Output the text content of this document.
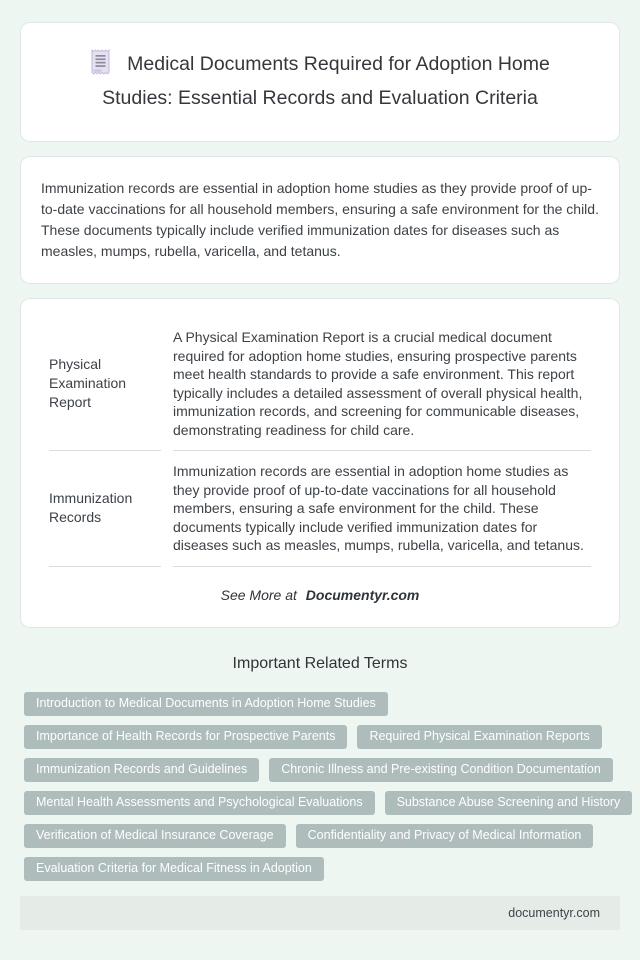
Medical Documents Required for Adoption Home Studies: Essential Records and Evaluation Criteria

Immunization records are essential in adoption home studies as they provide proof of up-to-date vaccinations for all household members, ensuring a safe environment for the child. These documents typically include verified immunization dates for diseases such as measles, mumps, rubella, varicella, and tetanus.

Physical Examination Report	A Physical Examination Report is a crucial medical document required for adoption home studies, ensuring prospective parents meet health standards to provide a safe environment. This report typically includes a detailed assessment of overall physical health, immunization records, and screening for communicable diseases, demonstrating readiness for child care.
Immunization Records	Immunization records are essential in adoption home studies as they provide proof of up-to-date vaccinations for all household members, ensuring a safe environment for the child. These documents typically include verified immunization dates for diseases such as measles, mumps, rubella, varicella, and tetanus.

See More at Documentyr.com

Important Related Terms
Introduction to Medical Documents in Adoption Home Studies
Importance of Health Records for Prospective Parents	Required Physical Examination Reports
Immunization Records and Guidelines	Chronic Illness and Pre-existing Condition Documentation
Mental Health Assessments and Psychological Evaluations	Substance Abuse Screening and History
Verification of Medical Insurance Coverage	Confidentiality and Privacy of Medical Information
Evaluation Criteria for Medical Fitness in Adoption
documentyr.com
